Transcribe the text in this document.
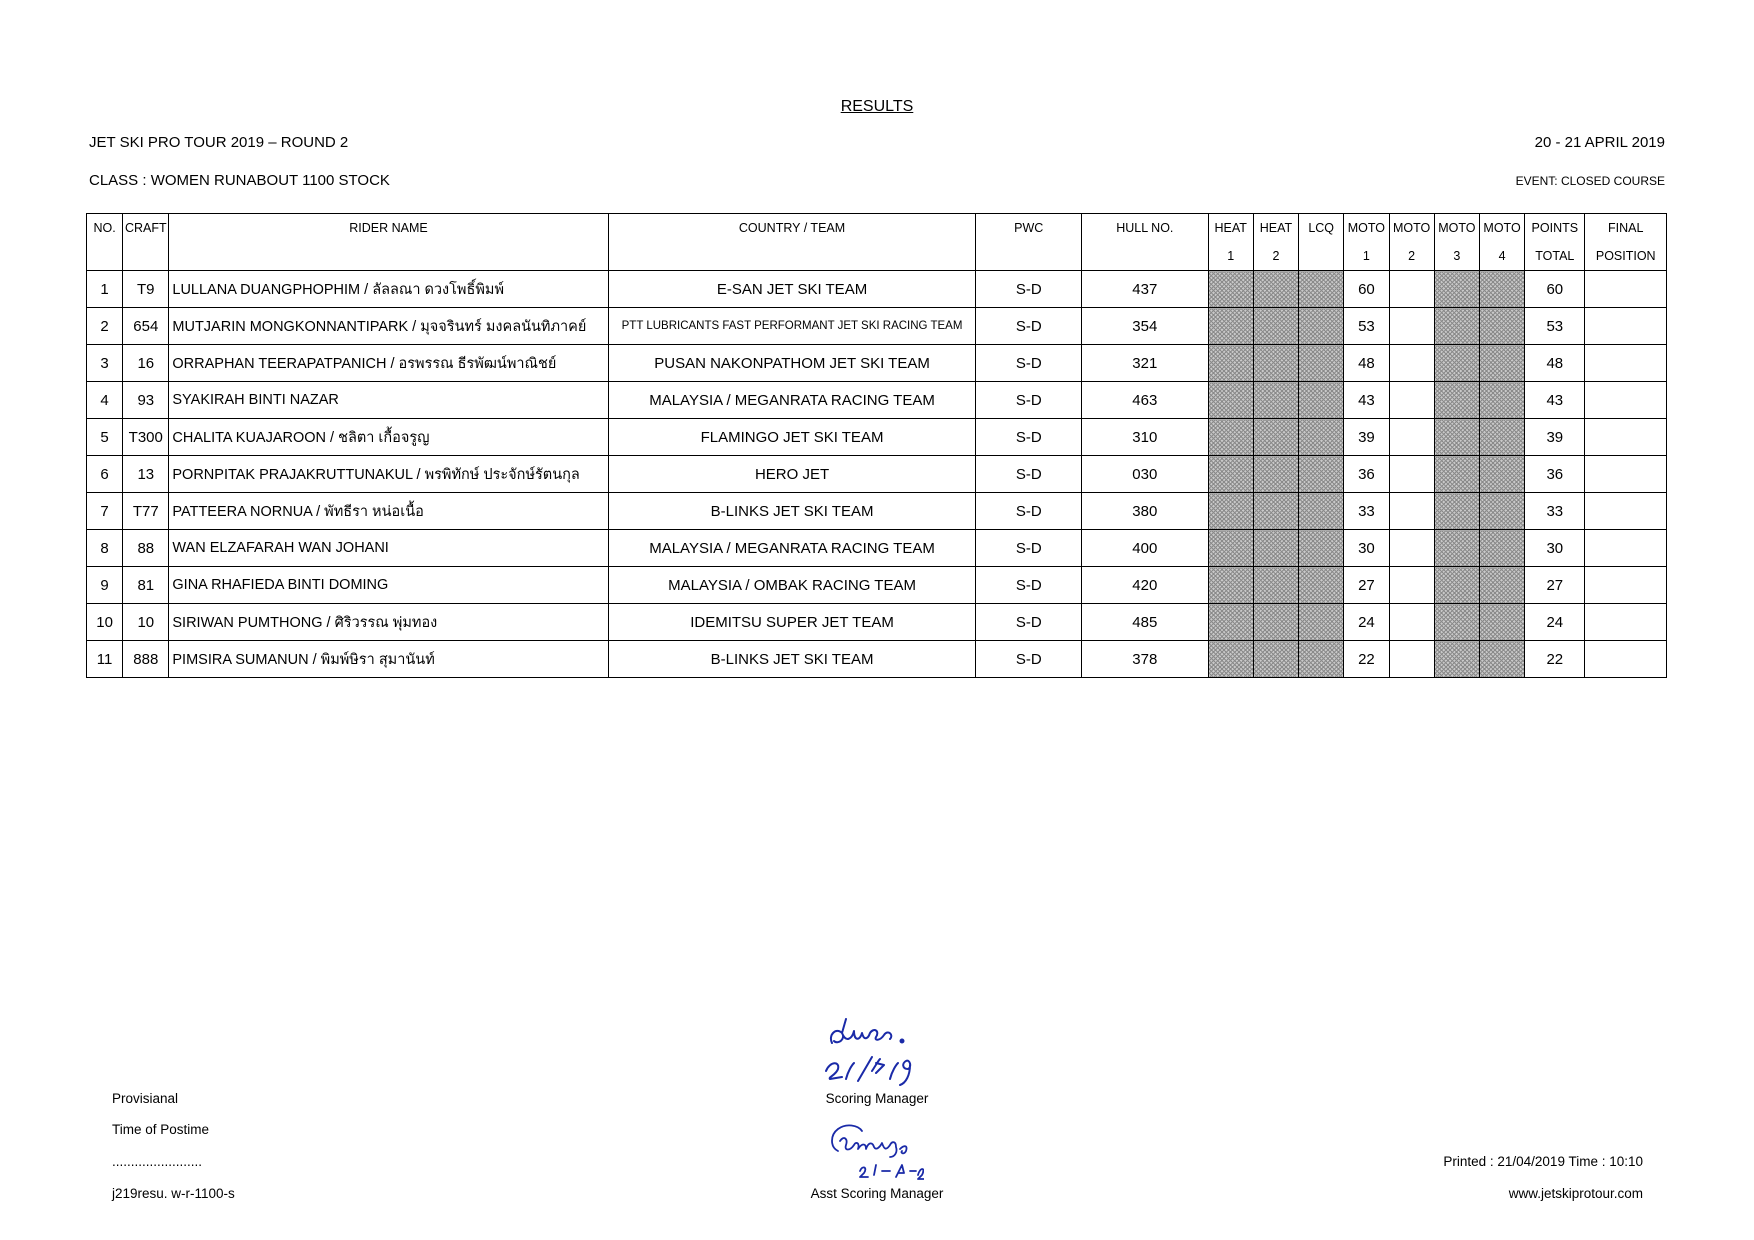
RESULTS
JET SKI PRO TOUR 2019 – ROUND 2	20 - 21 APRIL 2019
CLASS : WOMEN RUNABOUT 1100 STOCK	EVENT: CLOSED COURSE
NO.	CRAFT	RIDER NAME	COUNTRY / TEAM	PWC	HULL NO.	HEAT	HEAT	LCQ	MOTO	MOTO	MOTO	MOTO	POINTS	FINAL
						1	2		1	2	3	4	TOTAL	POSITION
1	T9	LULLANA DUANGPHOPHIM / ลัลลณา ดวงโพธิ์พิมพ์	E-SAN JET SKI TEAM	S-D	437				60				60	
2	654	MUTJARIN MONGKONNANTIPARK / มุจจรินทร์ มงคลนันทิภาคย์	PTT LUBRICANTS FAST PERFORMANT JET SKI RACING TEAM	S-D	354				53				53	
3	16	ORRAPHAN TEERAPATPANICH / อรพรรณ ธีรพัฒน์พาณิชย์	PUSAN NAKONPATHOM JET SKI TEAM	S-D	321				48				48	
4	93	SYAKIRAH BINTI NAZAR	MALAYSIA / MEGANRATA RACING TEAM	S-D	463				43				43	
5	T300	CHALITA KUAJAROON / ชลิตา เกื้อจรูญ	FLAMINGO JET SKI TEAM	S-D	310				39				39	
6	13	PORNPITAK PRAJAKRUTTUNAKUL / พรพิทักษ์ ประจักษ์รัตนกุล	HERO JET	S-D	030				36				36	
7	T77	PATTEERA NORNUA / พัทธีรา หน่อเนื้อ	B-LINKS JET SKI TEAM	S-D	380				33				33	
8	88	WAN ELZAFARAH WAN JOHANI	MALAYSIA / MEGANRATA RACING TEAM	S-D	400				30				30	
9	81	GINA RHAFIEDA BINTI DOMING	MALAYSIA / OMBAK RACING TEAM	S-D	420				27				27	
10	10	SIRIWAN PUMTHONG / ศิริวรรณ พุ่มทอง	IDEMITSU SUPER JET TEAM	S-D	485				24				24	
11	888	PIMSIRA SUMANUN / พิมพ์ษิรา สุมานันท์	B-LINKS JET SKI TEAM	S-D	378				22				22	
Provisianal
Time of Postime
........................
j219resu. w-r-1100-s
Scoring Manager
Asst Scoring Manager
Printed : 21/04/2019 Time : 10:10
www.jetskiprotour.com
